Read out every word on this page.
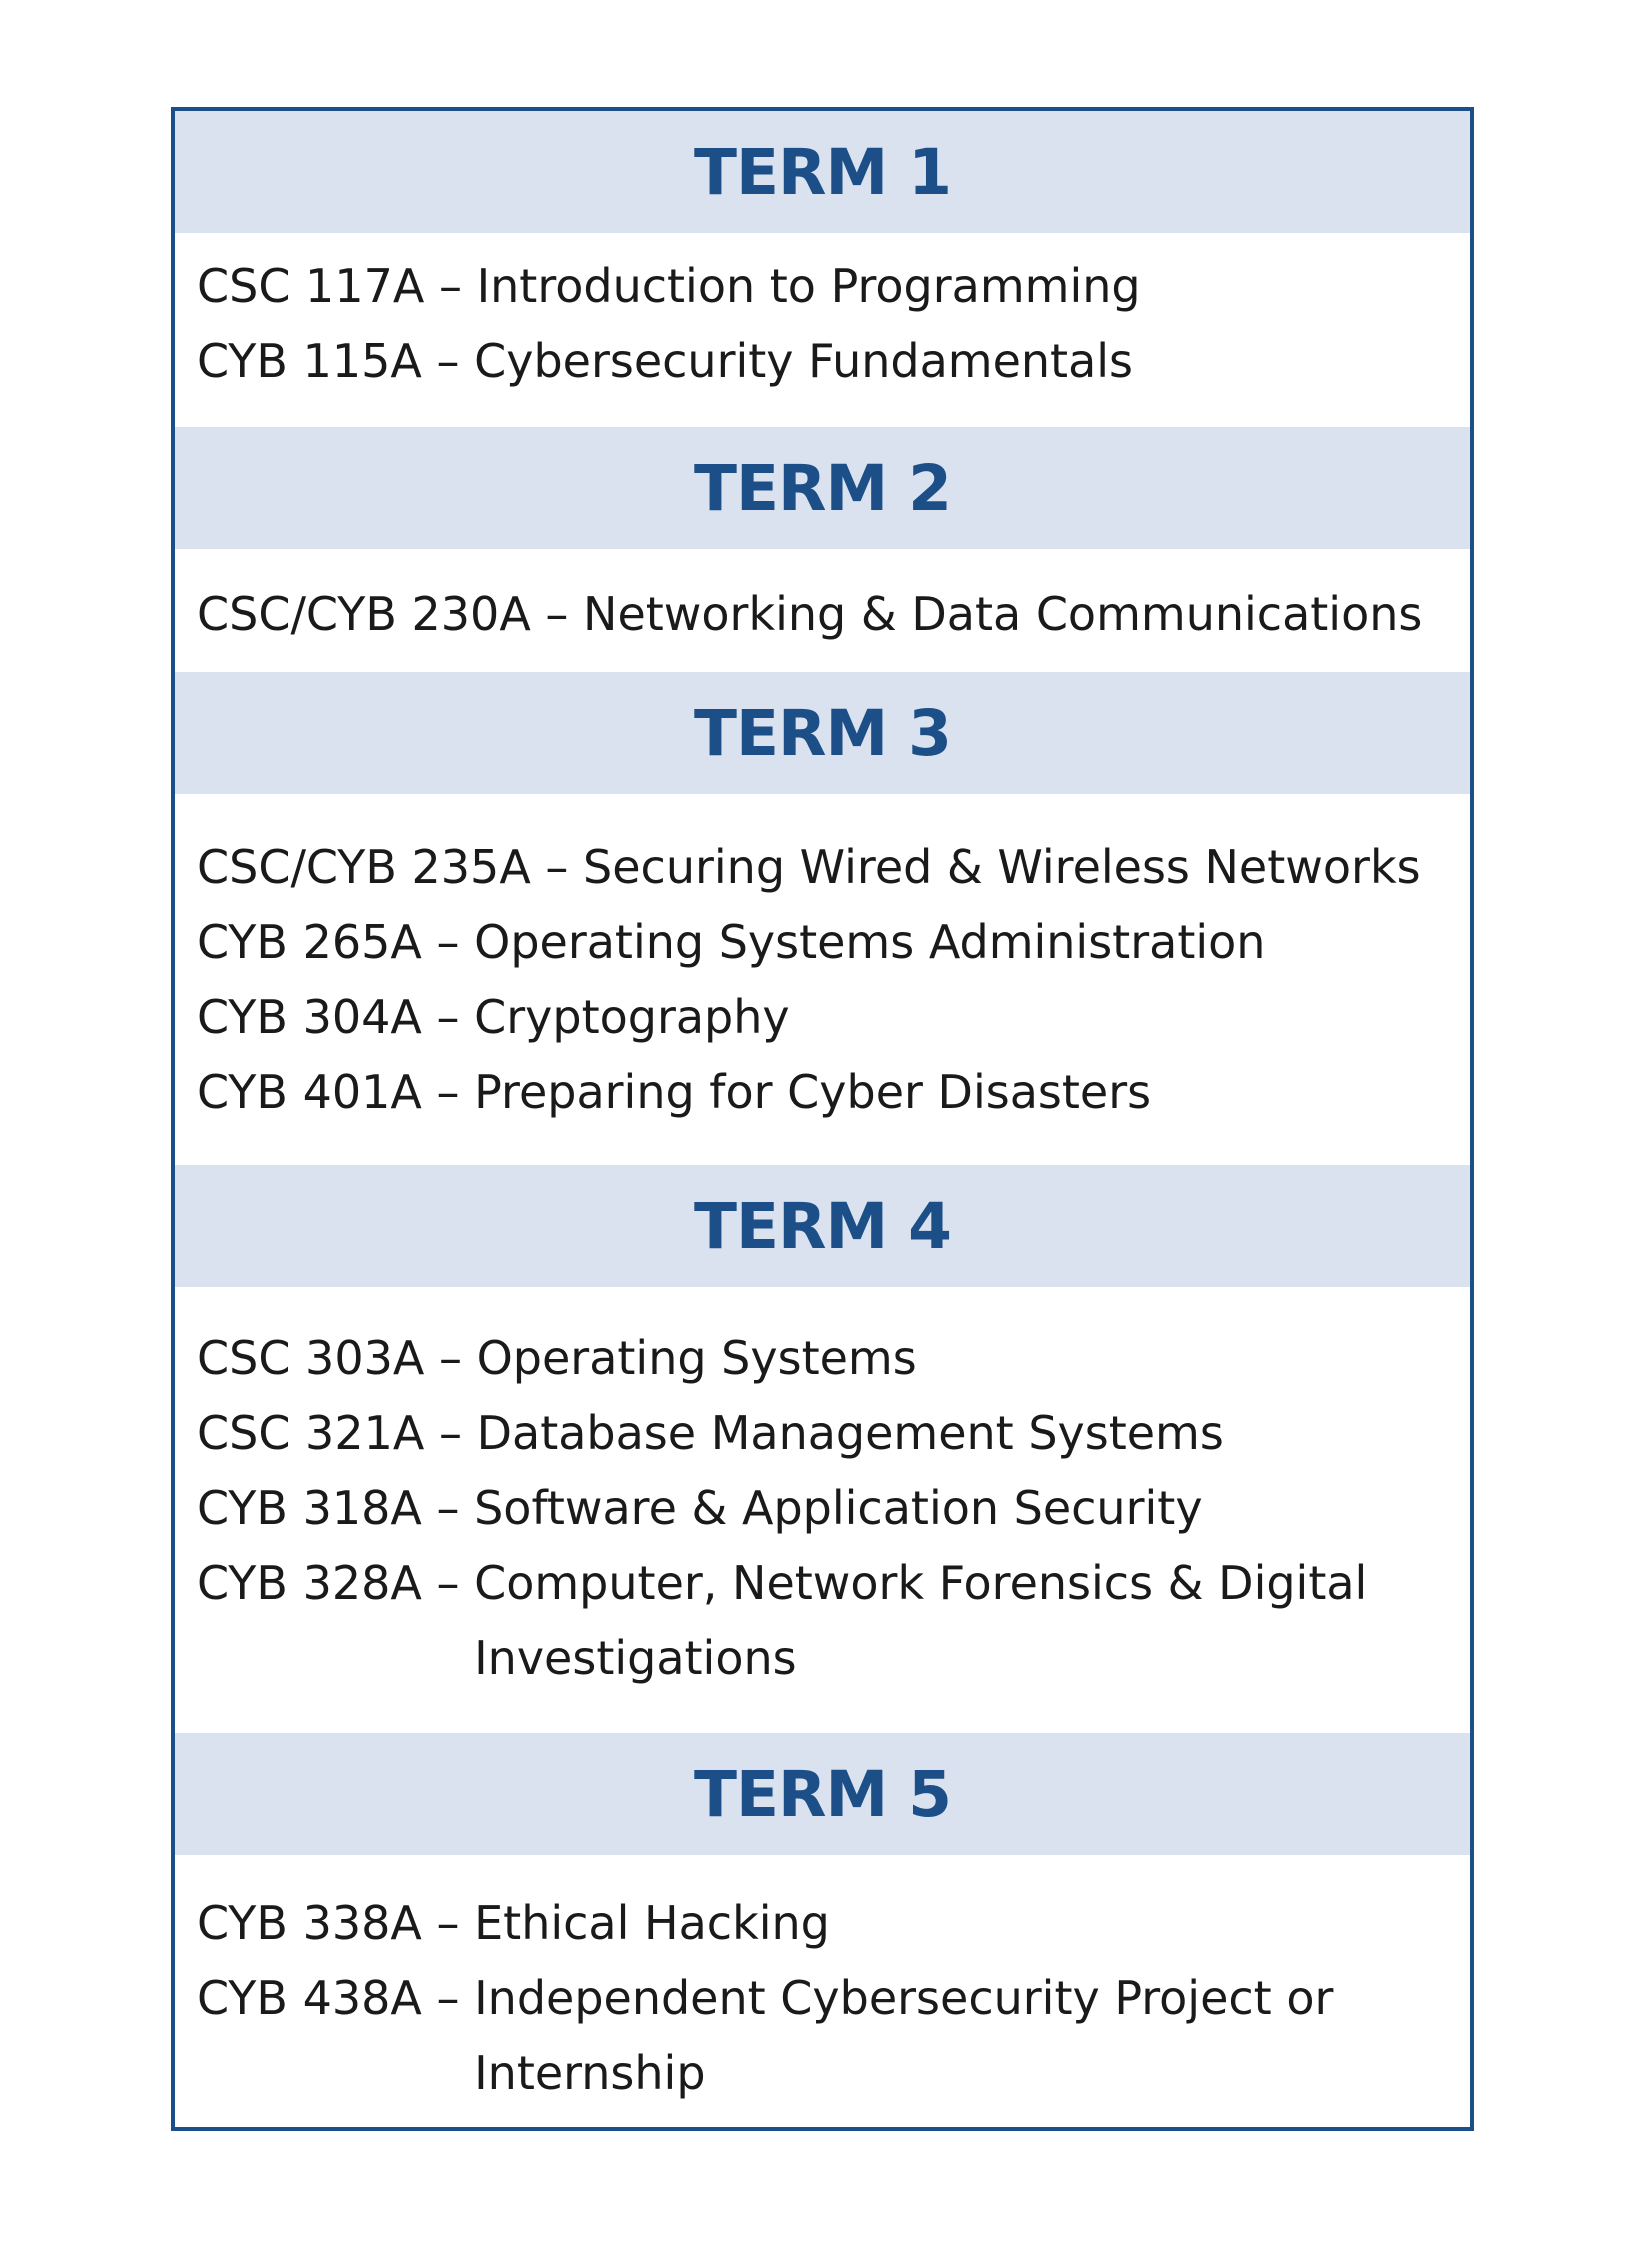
TERM 1
CSC 117A – Introduction to Programming
CYB 115A – Cybersecurity Fundamentals
TERM 2
CSC/CYB 230A – Networking & Data Communications
TERM 3
CSC/CYB 235A – Securing Wired & Wireless Networks
CYB 265A – Operating Systems Administration
CYB 304A – Cryptography
CYB 401A – Preparing for Cyber Disasters
TERM 4
CSC 303A – Operating Systems
CSC 321A – Database Management Systems
CYB 318A – Software & Application Security
CYB 328A – Computer, Network Forensics & Digital Investigations
TERM 5
CYB 338A – Ethical Hacking
CYB 438A – Independent Cybersecurity Project or Internship
